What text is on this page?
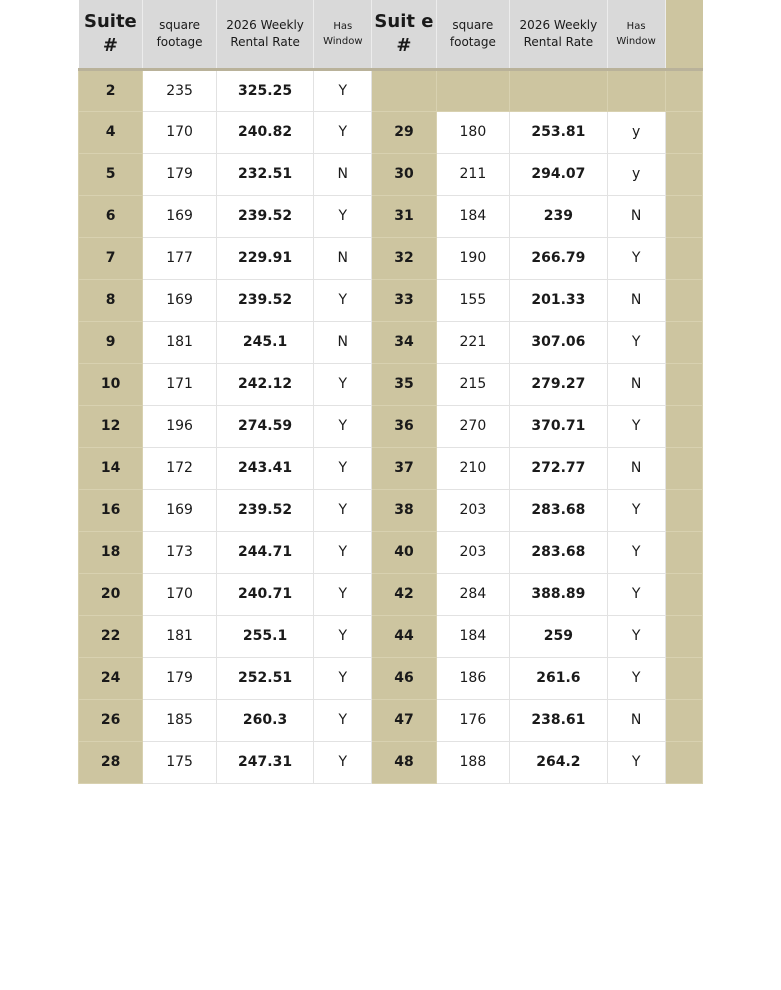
Suite #	square footage	2026 Weekly Rental Rate	Has Window	Suit e #	square footage	2026 Weekly Rental Rate	Has Window	
2	235	325.25	Y					
4	170	240.82	Y	29	180	253.81	y	
5	179	232.51	N	30	211	294.07	y	
6	169	239.52	Y	31	184	239	N	
7	177	229.91	N	32	190	266.79	Y	
8	169	239.52	Y	33	155	201.33	N	
9	181	245.1	N	34	221	307.06	Y	
10	171	242.12	Y	35	215	279.27	N	
12	196	274.59	Y	36	270	370.71	Y	
14	172	243.41	Y	37	210	272.77	N	
16	169	239.52	Y	38	203	283.68	Y	
18	173	244.71	Y	40	203	283.68	Y	
20	170	240.71	Y	42	284	388.89	Y	
22	181	255.1	Y	44	184	259	Y	
24	179	252.51	Y	46	186	261.6	Y	
26	185	260.3	Y	47	176	238.61	N	
28	175	247.31	Y	48	188	264.2	Y	
